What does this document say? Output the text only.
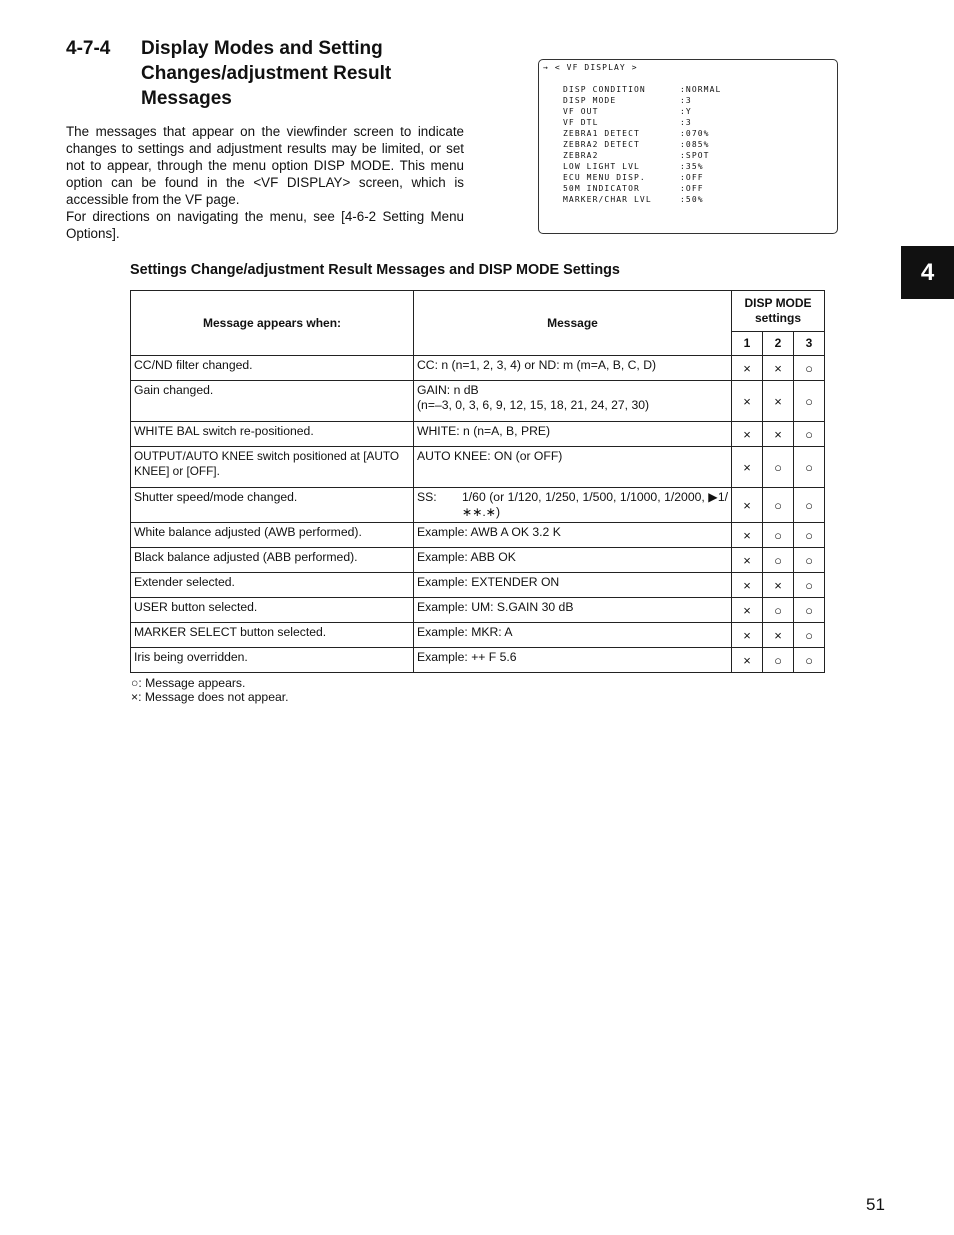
4-7-4	Display Modes and Setting Changes/adjustment Result Messages

The messages that appear on the viewfinder screen to indicate changes to settings and adjustment results may be limited, or set not to appear, through the menu option DISP MODE. This menu option can be found in the <VF DISPLAY> screen, which is accessible from the VF page.

For directions on navigating the menu, see [4-6-2 Setting Menu Options].

→ < VF DISPLAY >
DISP CONDITION	:NORMAL
DISP MODE	:3
VF OUT	:Y
VF DTL	:3
ZEBRA1 DETECT	:070%
ZEBRA2 DETECT	:085%
ZEBRA2	:SPOT
LOW LIGHT LVL	:35%
ECU MENU DISP.	:OFF
50M INDICATOR	:OFF
MARKER/CHAR LVL	:50%
4
Settings Change/adjustment Result Messages and DISP MODE Settings
Message appears when:	Message	DISP MODE settings		
		1	2	3
CC/ND filter changed.	CC: n (n=1, 2, 3, 4) or ND: m (m=A, B, C, D)	×	×	○
Gain changed.	GAIN: n dB
(n=–3, 0, 3, 6, 9, 12, 15, 18, 21, 24, 27, 30)	×	×	○
WHITE BAL switch re-positioned.	WHITE: n (n=A, B, PRE)	×	×	○
OUTPUT/AUTO KNEE switch positioned at [AUTO KNEE] or [OFF].	AUTO KNEE: ON (or OFF)	×	○	○
Shutter speed/mode changed.	SS: 1/60 (or 1/120, 1/250, 1/500, 1/1000, 1/2000, ▶1/∗∗.∗)	×	○	○
White balance adjusted (AWB performed).	Example: AWB A OK 3.2 K	×	○	○
Black balance adjusted (ABB performed).	Example: ABB OK	×	○	○
Extender selected.	Example: EXTENDER ON	×	×	○
USER button selected.	Example: UM: S.GAIN 30 dB	×	○	○
MARKER SELECT button selected.	Example: MKR: A	×	×	○
Iris being overridden.	Example: ++ F 5.6	×	○	○
○: Message appears.
×: Message does not appear.
51
